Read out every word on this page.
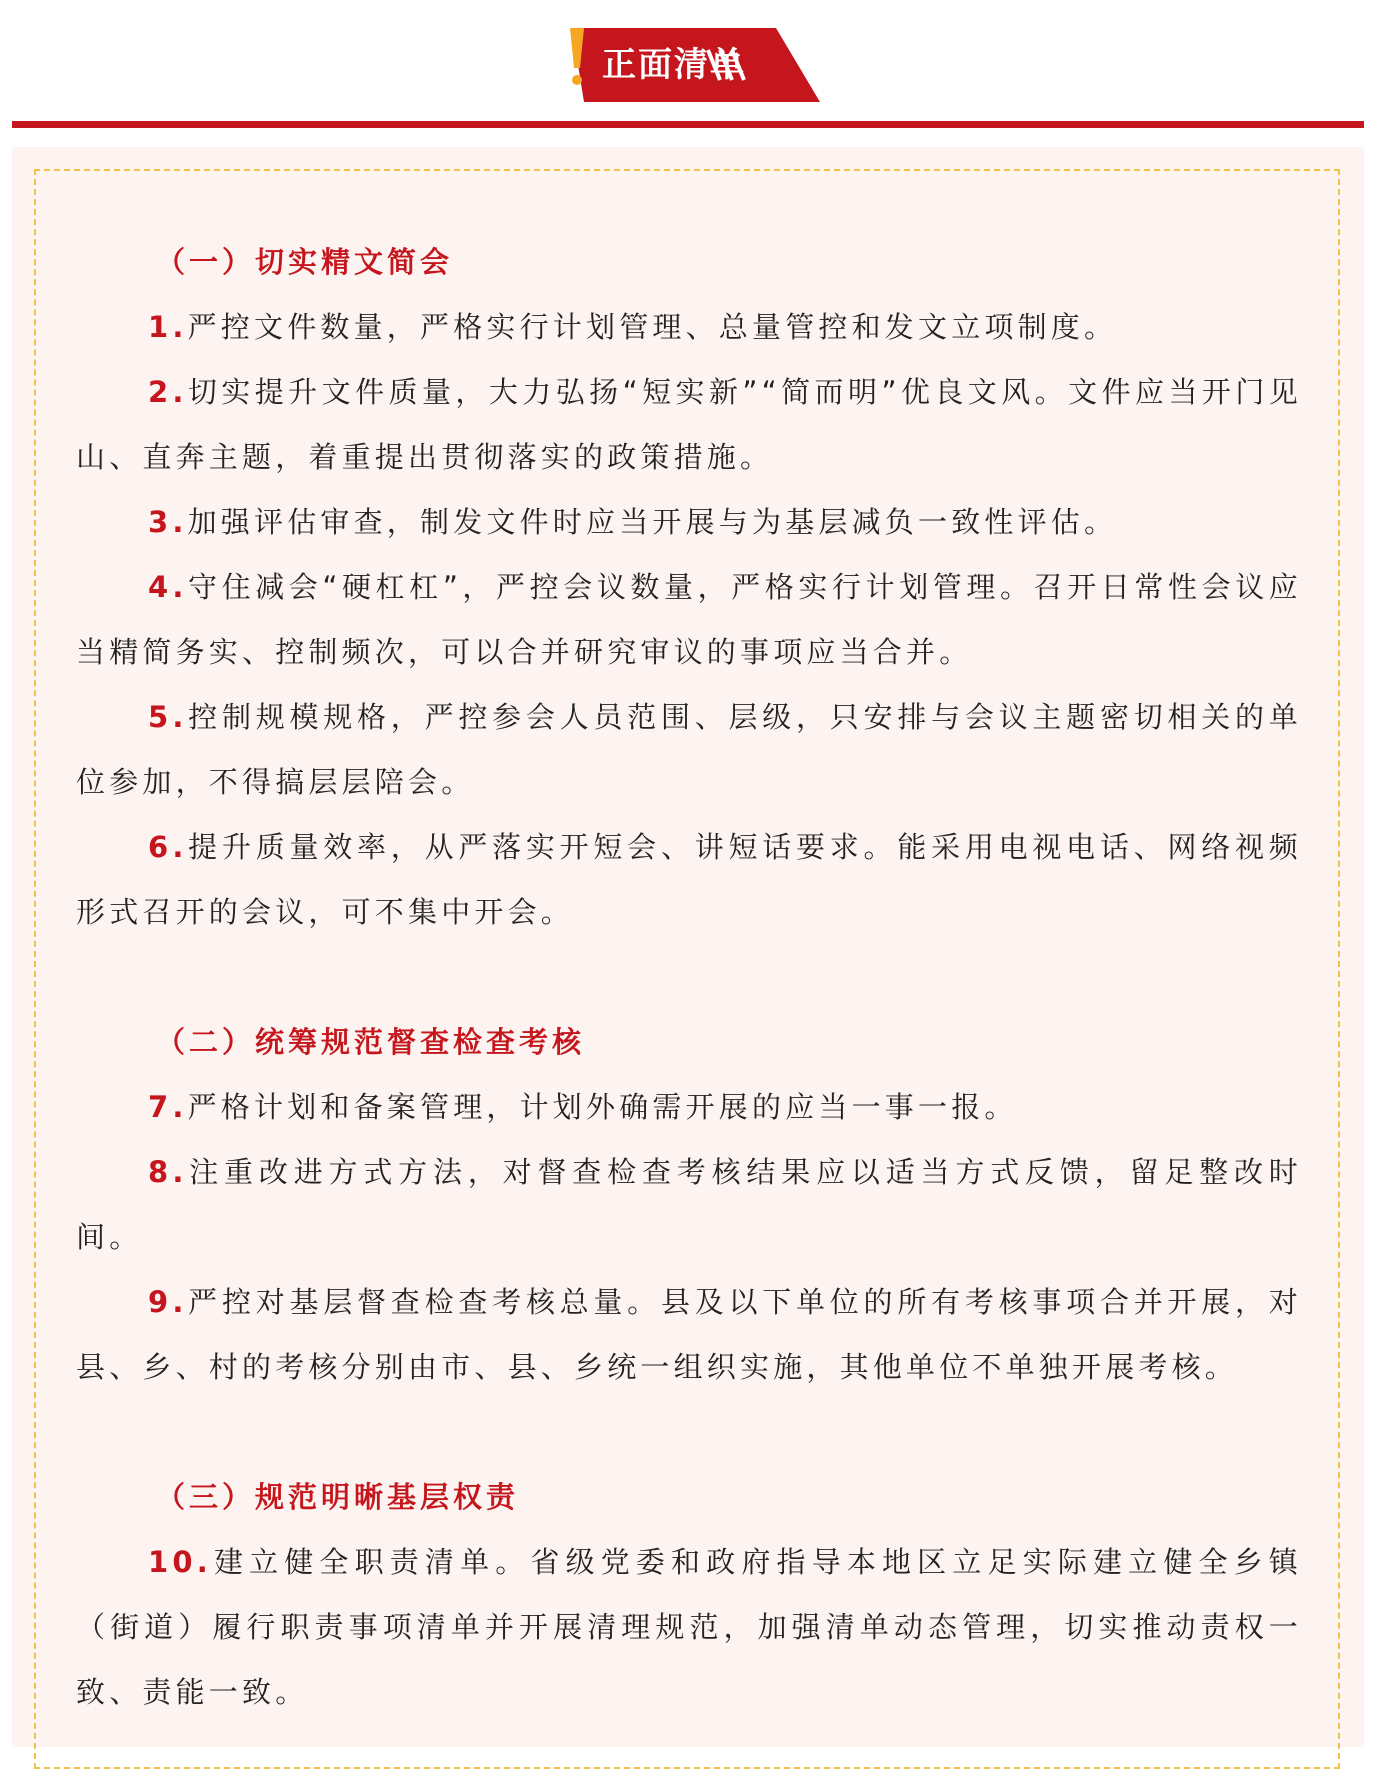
正面清单
（一）切实精文简会

1.严控文件数量，严格实行计划管理、总量管控和发文立项制度。

2.切实提升文件质量，大力弘扬“短实新”“简而明”优良文风。文件应当开门见山、直奔主题，着重提出贯彻落实的政策措施。

3.加强评估审查，制发文件时应当开展与为基层减负一致性评估。

4.守住减会“硬杠杠”，严控会议数量，严格实行计划管理。召开日常性会议应当精简务实、控制频次，可以合并研究审议的事项应当合并。

5.控制规模规格，严控参会人员范围、层级，只安排与会议主题密切相关的单位参加，不得搞层层陪会。

6.提升质量效率，从严落实开短会、讲短话要求。能采用电视电话、网络视频形式召开的会议，可不集中开会。

（二）统筹规范督查检查考核

7.严格计划和备案管理，计划外确需开展的应当一事一报。

8.注重改进方式方法，对督查检查考核结果应以适当方式反馈，留足整改时间。

9.严控对基层督查检查考核总量。县及以下单位的所有考核事项合并开展，对县、乡、村的考核分别由市、县、乡统一组织实施，其他单位不单独开展考核。

（三）规范明晰基层权责

10.建立健全职责清单。省级党委和政府指导本地区立足实际建立健全乡镇（街道）履行职责事项清单并开展清理规范，加强清单动态管理，切实推动责权一致、责能一致。
